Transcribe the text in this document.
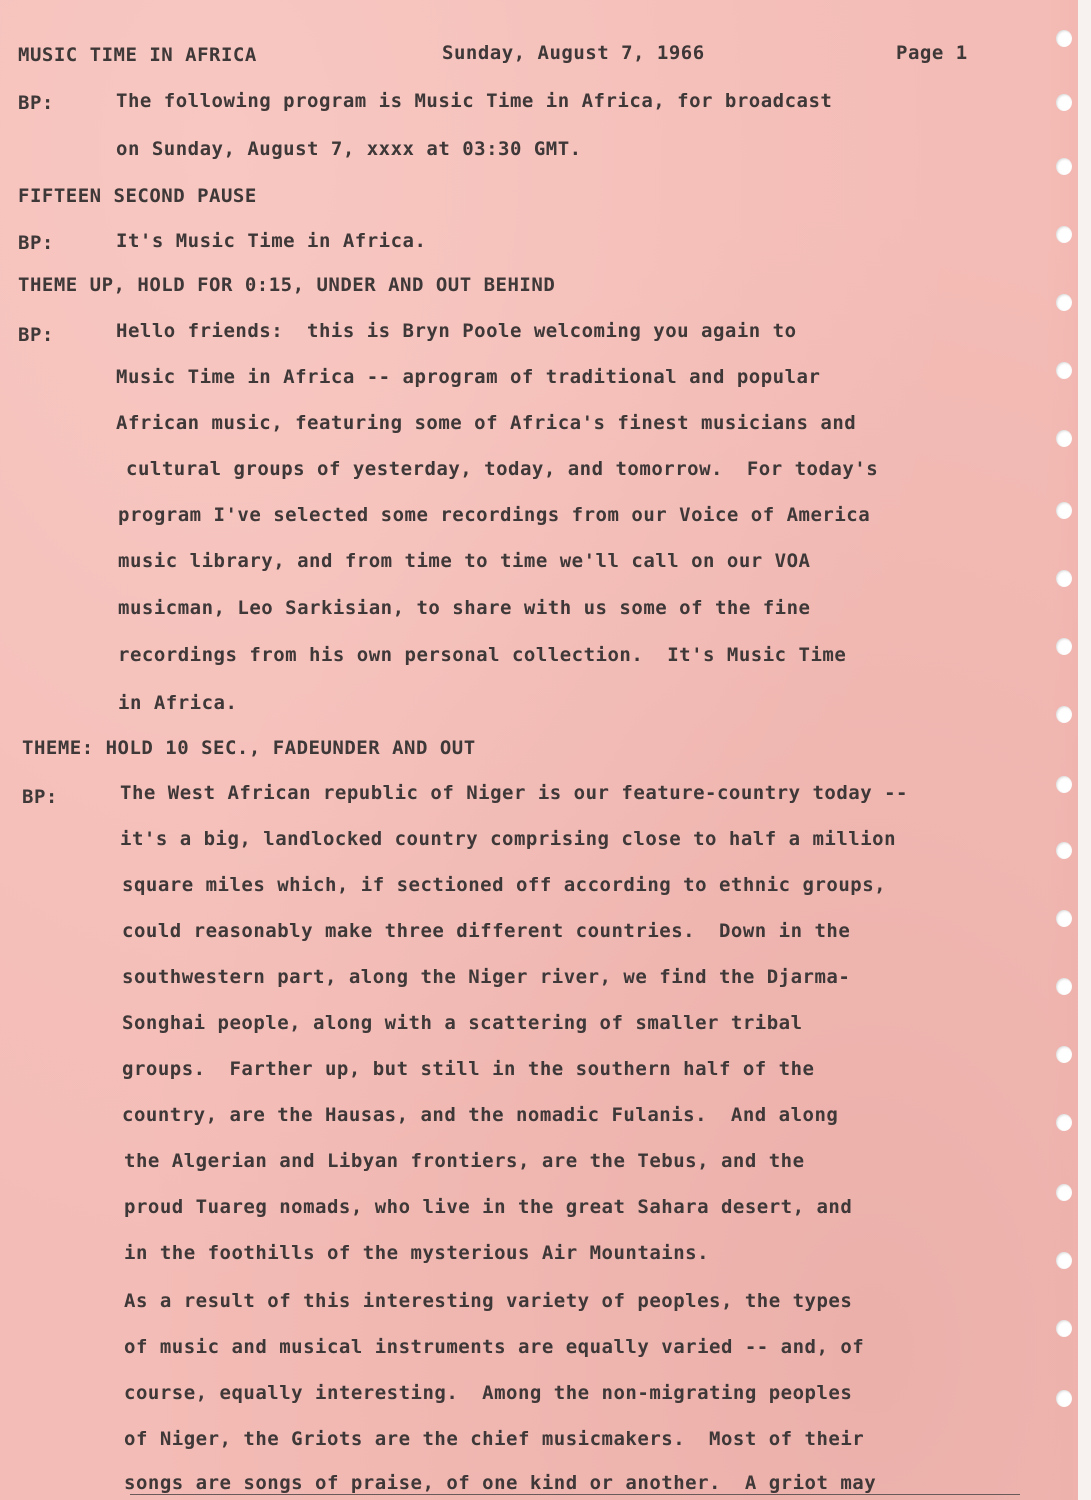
MUSIC TIME IN AFRICA	Sunday, August 7, 1966	Page 1
BP:	The following program is Music Time in Africa, for broadcast
on Sunday, August 7, xxxx at 03:30 GMT.
FIFTEEN SECOND PAUSE
BP:	It's Music Time in Africa.
THEME UP, HOLD FOR 0:15, UNDER AND OUT BEHIND
BP:	Hello friends:  this is Bryn Poole welcoming you again to
Music Time in Africa -- aprogram of traditional and popular
African music, featuring some of Africa's finest musicians and
cultural groups of yesterday, today, and tomorrow.  For today's
program I've selected some recordings from our Voice of America
music library, and from time to time we'll call on our VOA
musicman, Leo Sarkisian, to share with us some of the fine
recordings from his own personal collection.  It's Music Time
in Africa.
THEME: HOLD 10 SEC., FADEUNDER AND OUT
BP:	The West African republic of Niger is our feature-country today --
it's a big, landlocked country comprising close to half a million
square miles which, if sectioned off according to ethnic groups,
could reasonably make three different countries.  Down in the
southwestern part, along the Niger river, we find the Djarma-
Songhai people, along with a scattering of smaller tribal
groups.  Farther up, but still in the southern half of the
country, are the Hausas, and the nomadic Fulanis.  And along
the Algerian and Libyan frontiers, are the Tebus, and the
proud Tuareg nomads, who live in the great Sahara desert, and
in the foothills of the mysterious Air Mountains.
As a result of this interesting variety of peoples, the types
of music and musical instruments are equally varied -- and, of
course, equally interesting.  Among the non-migrating peoples
of Niger, the Griots are the chief musicmakers.  Most of their
songs are songs of praise, of one kind or another.  A griot may
